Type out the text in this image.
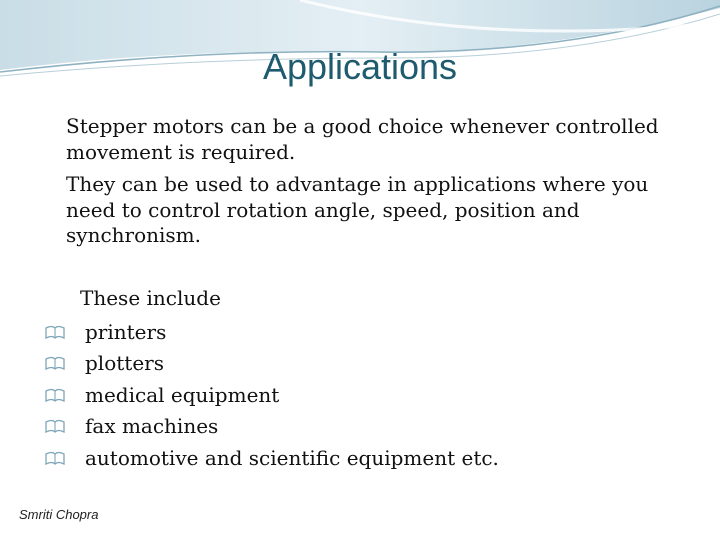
Applications

Stepper motors can be a good choice whenever controlled movement is required.

They can be used to advantage in applications where you need to control rotation angle, speed, position and synchronism.

These include

printers
plotters
medical equipment
fax machines
automotive and scientific equipment etc.

Smriti Chopra
